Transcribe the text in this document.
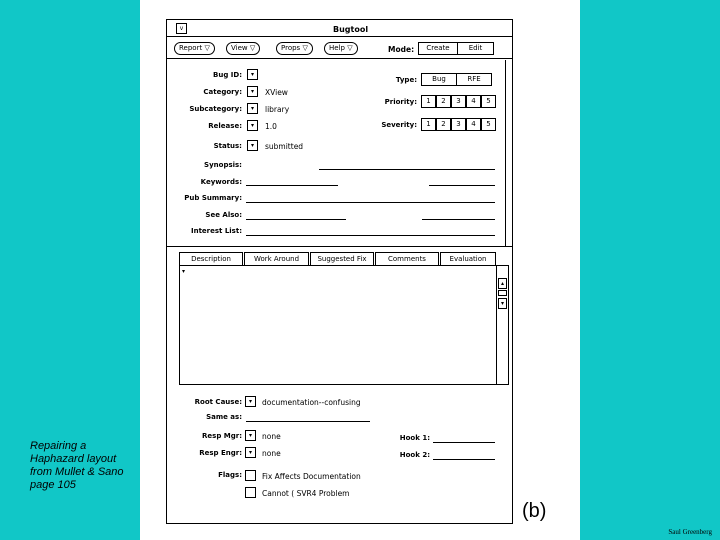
v	Bugtool
Report ▽	View ▽	Props ▽	Help ▽	Mode:	Create	Edit
Bug ID:	▾
Category:	▾	XView
Subcategory:	▾	library
Release:	▾	1.0
Status:	▾	submitted
Synopsis:
Keywords:
Pub Summary:
See Also:
Interest List:
Type:	Bug	RFE
Priority:	1	2	3	4	5
Severity:	1	2	3	4	5
Description	Work Around	Suggested Fix	Comments	Evaluation
▾
▴
▾
Root Cause:	▾	documentation--confusing
Same as:
Resp Mgr:	▾	none
Resp Engr:	▾	none
Hook 1:
Hook 2:
Flags:	Fix Affects Documentation
Cannot ( SVR4 Problem
Repairing a Haphazard layout from Mullet & Sano page 105
(b)
Saul Greenberg
